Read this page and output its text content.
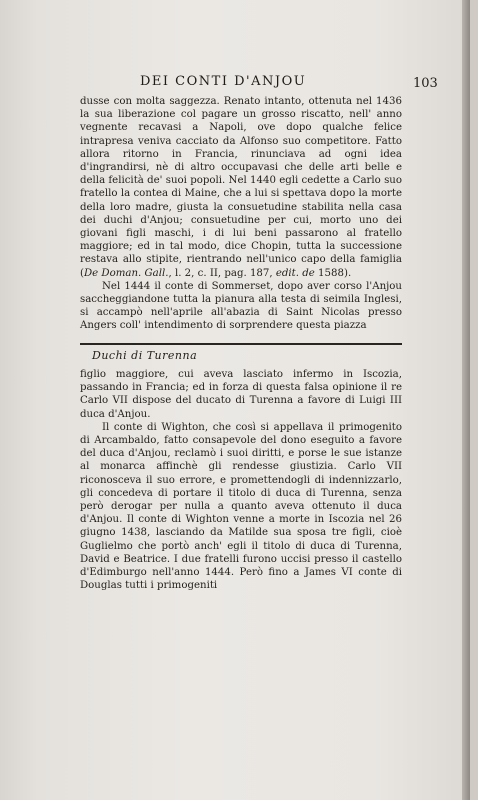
DEI CONTI D'ANJOU	103

dusse con molta saggezza. Renato intanto, ottenuta nel 1436 la sua liberazione col pagare un grosso riscatto, nell' anno vegnente recavasi a Napoli, ove dopo qualche felice intrapresa veniva cacciato da Alfonso suo competitore. Fatto allora ritorno in Francia, rinunciava ad ogni idea d'ingrandirsi, nè di altro occupavasi che delle arti belle e della felicità de' suoi popoli. Nel 1440 egli cedette a Carlo suo fratello la contea di Maine, che a lui si spettava dopo la morte della loro madre, giusta la consuetudine stabilita nella casa dei duchi d'Anjou; consuetudine per cui, morto uno dei giovani figli maschi, i di lui beni passarono al fratello maggiore; ed in tal modo, dice Chopin, tutta la successione restava allo stipite, rientrando nell'unico capo della famiglia (De Doman. Gall., l. 2, c. II, pag. 187, edit. de 1588).

Nel 1444 il conte di Sommerset, dopo aver corso l'Anjou saccheggiandone tutta la pianura alla testa di seimila Inglesi, si accampò nell'aprile all'abazia di Saint Nicolas presso Angers coll' intendimento di sorprendere questa piazza

Duchi di Turenna

figlio maggiore, cui aveva lasciato infermo in Iscozia, passando in Francia; ed in forza di questa falsa opinione il re Carlo VII dispose del ducato di Turenna a favore di Luigi III duca d'Anjou.

Il conte di Wighton, che così si appellava il primogenito di Arcambaldo, fatto consapevole del dono eseguito a favore del duca d'Anjou, reclamò i suoi diritti, e porse le sue istanze al monarca affinchè gli rendesse giustizia. Carlo VII riconosceva il suo errore, e promettendogli di indennizzarlo, gli concedeva di portare il titolo di duca di Turenna, senza però derogar per nulla a quanto aveva ottenuto il duca d'Anjou. Il conte di Wighton venne a morte in Iscozia nel 26 giugno 1438, lasciando da Matilde sua sposa tre figli, cioè Guglielmo che portò anch' egli il titolo di duca di Turenna, David e Beatrice. I due fratelli furono uccisi presso il castello d'Edimburgo nell'anno 1444. Però fino a James VI conte di Douglas tutti i primogeniti
